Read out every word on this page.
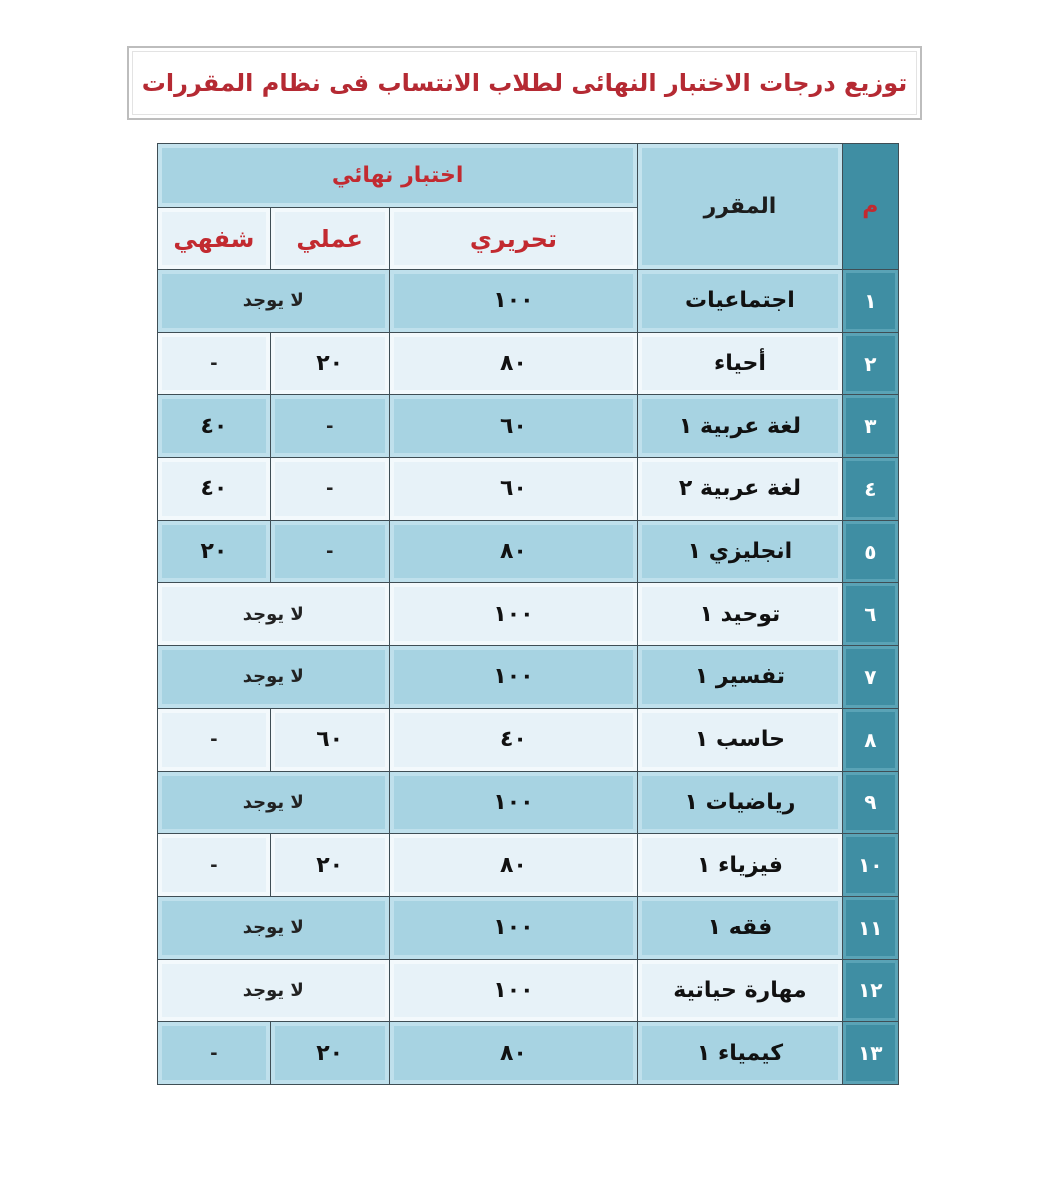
توزيع درجات الاختبار النهائى لطلاب الانتساب فى نظام المقررات
م	المقرر	اختبار نهائي		
		تحريري	عملي	شفهي
١	اجتماعيات	١٠٠	لا يوجد	
٢	أحياء	٨٠	٢٠	-
٣	لغة عربية ١	٦٠	-	٤٠
٤	لغة عربية ٢	٦٠	-	٤٠
٥	انجليزي ١	٨٠	-	٢٠
٦	توحيد ١	١٠٠	لا يوجد	
٧	تفسير ١	١٠٠	لا يوجد	
٨	حاسب ١	٤٠	٦٠	-
٩	رياضيات ١	١٠٠	لا يوجد	
١٠	فيزياء ١	٨٠	٢٠	-
١١	فقه ١	١٠٠	لا يوجد	
١٢	مهارة حياتية	١٠٠	لا يوجد	
١٣	كيمياء ١	٨٠	٢٠	-
